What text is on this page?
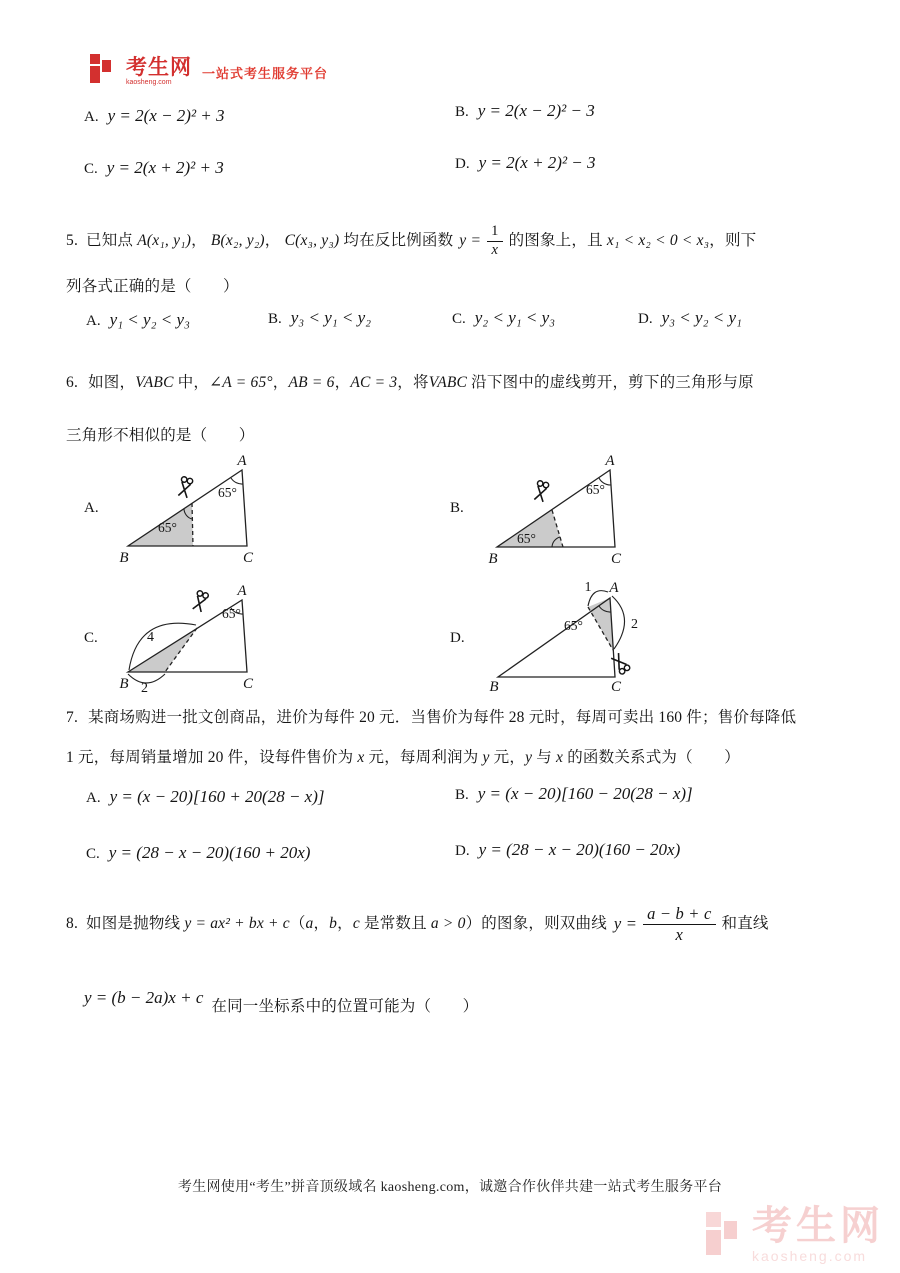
考生网
kaosheng.com
一站式考生服务平台
A. y = 2(x − 2)² + 3	B. y = 2(x − 2)² − 3
C. y = 2(x + 2)² + 3	D. y = 2(x + 2)² − 3
5. 已知点 A(x₁, y₁)， B(x₂, y₂)， C(x₃, y₃) 均在反比例函数 $y = \frac{1}{x}$ 的图象上，且 x₁ < x₂ < 0 < x₃，则下
列各式正确的是（　　）
A. y₁ < y₂ < y₃	B. y₃ < y₁ < y₂	C. y₂ < y₁ < y₃	D. y₃ < y₂ < y₁
6. 如图，VABC 中，∠A = 65°，AB = 6，AC = 3，将VABC 沿下图中的虚线剪开，剪下的三角形与原
三角形不相似的是（　　）
A.
A
B	C
65°
65°
B.
A
B	C
65°
65°
C.
A
B	C
65°
4
2
D.
A
B	C
65°
1
2
7. 某商场购进一批文创商品，进价为每件 20 元．当售价为每件 28 元时，每周可卖出 160 件；售价每降低
1 元，每周销量增加 20 件，设每件售价为 x 元，每周利润为 y 元，y 与 x 的函数关系式为（　　）
A. y = (x − 20)[160 + 20(28 − x)]	B. y = (x − 20)[160 − 20(28 − x)]
C. y = (28 − x − 20)(160 + 20x)	D. y = (28 − x − 20)(160 − 20x)
8. 如图是抛物线 y = ax² + bx + c（a，b，c 是常数且 a > 0）的图象，则双曲线 $y = \frac{a - b + c}{x}$ 和直线
y = (b − 2a)x + c 在同一坐标系中的位置可能为（　　）
考生网使用“考生”拼音顶级域名 kaosheng.com，诚邀合作伙伴共建一站式考生服务平台
考生网
kaosheng.com
